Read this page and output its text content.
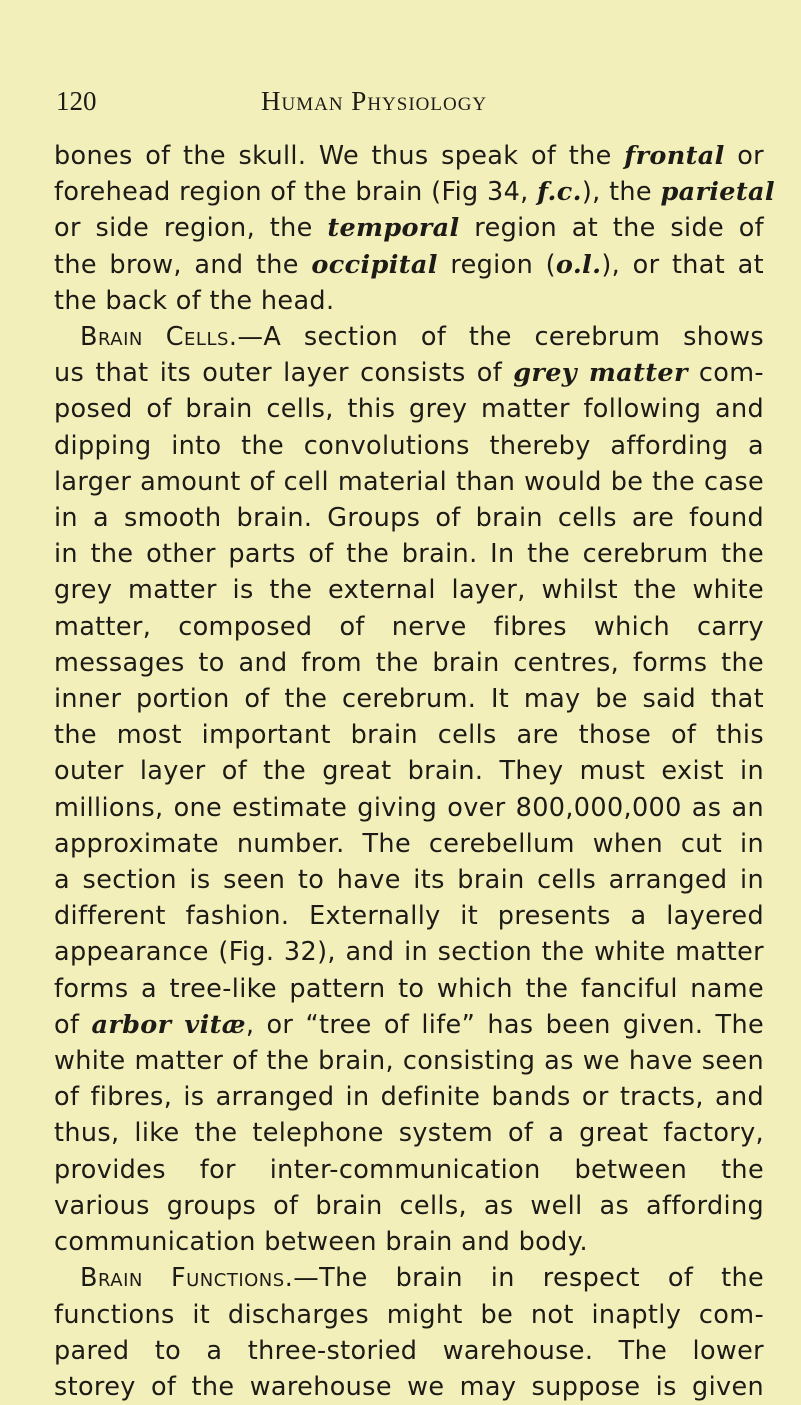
120	Human Physiology
bones of the skull. We thus speak of the frontal or
forehead region of the brain (Fig 34, f.c.), the parietal
or side region, the temporal region at the side of
the brow, and the occipital region (o.l.), or that at
the back of the head.
Brain Cells.—A section of the cerebrum shows
us that its outer layer consists of grey matter com-
posed of brain cells, this grey matter following and
dipping into the convolutions thereby affording a
larger amount of cell material than would be the case
in a smooth brain. Groups of brain cells are found
in the other parts of the brain. In the cerebrum the
grey matter is the external layer, whilst the white
matter, composed of nerve fibres which carry
messages to and from the brain centres, forms the
inner portion of the cerebrum. It may be said that
the most important brain cells are those of this
outer layer of the great brain. They must exist in
millions, one estimate giving over 800,000,000 as an
approximate number. The cerebellum when cut in
a section is seen to have its brain cells arranged in
different fashion. Externally it presents a layered
appearance (Fig. 32), and in section the white matter
forms a tree-like pattern to which the fanciful name
of arbor vitæ, or “tree of life” has been given. The
white matter of the brain, consisting as we have seen
of fibres, is arranged in definite bands or tracts, and
thus, like the telephone system of a great factory,
provides for inter-communication between the
various groups of brain cells, as well as affording
communication between brain and body.
Brain Functions.—The brain in respect of the
functions it discharges might be not inaptly com-
pared to a three-storied warehouse. The lower
storey of the warehouse we may suppose is given
